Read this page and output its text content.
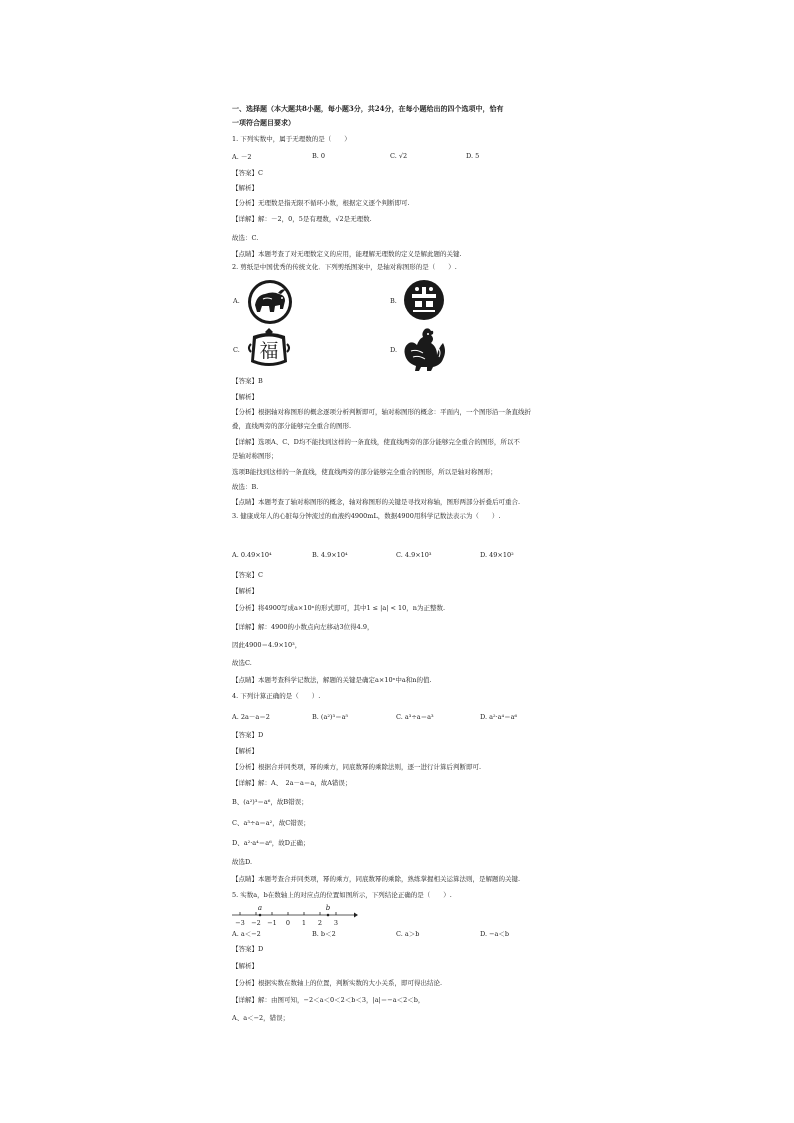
一、选择题（本大题共8小题，每小题3分，共24分，在每小题给出的四个选项中，恰有
一项符合题目要求）
1. 下列实数中，属于无理数的是（　　）
A. －2	B. 0	C. √2	D. 5
【答案】C
【解析】
【分析】无理数是指无限不循环小数，根据定义逐个判断即可.
【详解】解：－2，0，5是有理数，√2是无理数.
故选：C.
【点睛】本题考查了对无理数定义的应用，能理解无理数的定义是解此题的关键.
2. 剪纸是中国优秀的传统文化．下列剪纸图案中，是轴对称图形的是（　　）.
A.	B.
C.	D.
福
【答案】B
【解析】
【分析】根据轴对称图形的概念逐项分析判断即可，轴对称图形的概念：平面内，一个图形沿一条直线折
叠，直线两旁的部分能够完全重合的图形.
【详解】选项A、C、D均不能找到这样的一条直线，使直线两旁的部分能够完全重合的图形，所以不
是轴对称图形；
选项B能找到这样的一条直线，使直线两旁的部分能够完全重合的图形，所以是轴对称图形；
故选：B.
【点睛】本题考查了轴对称图形的概念，轴对称图形的关键是寻找对称轴，图形两部分折叠后可重合.
3. 健康成年人的心脏每分钟流过的血液约4900mL，数据4900用科学记数法表示为（　　）.
A. 0.49×10⁴	B. 4.9×10⁴	C. 4.9×10³	D. 49×10²
【答案】C
【解析】
【分析】将4900写成a×10ⁿ的形式即可，其中1 ≤ |a| < 10，n为正整数.
【详解】解：4900的小数点向左移动3位得4.9，
因此4900＝4.9×10³，
故选C.
【点睛】本题考查科学记数法，解题的关键是确定a×10ⁿ中a和n的值.
4. 下列计算正确的是（　　）.
A. 2a－a＝2	B. (a²)³＝a⁵	C. a³÷a＝a³	D. a²·a⁴＝a⁶
【答案】D
【解析】
【分析】根据合并同类项，幂的乘方，同底数幂的乘除法则，逐一进行计算后判断即可.
【详解】解：A、　2a－a＝a，故A错误；
B、(a²)³＝a⁶，故B错误；
C、a³÷a＝a²，故C错误；
D、a²·a⁴＝a⁶，故D正确；
故选D.
【点睛】本题考查合并同类项，幂的乘方，同底数幂的乘除，熟练掌握相关运算法则，是解题的关键.
5. 实数a，b在数轴上的对应点的位置如图所示，下列结论正确的是（　　）.
a	b
−3 −2 −1 0 1 2 3
A. a＜−2	B. b＜2	C. a＞b	D. −a＜b
【答案】D
【解析】
【分析】根据实数在数轴上的位置，判断实数的大小关系，即可得出结论.
【详解】解：由图可知，−2＜a＜0＜2＜b＜3，|a|＝−a＜2＜b，
A、a＜−2，错误；
